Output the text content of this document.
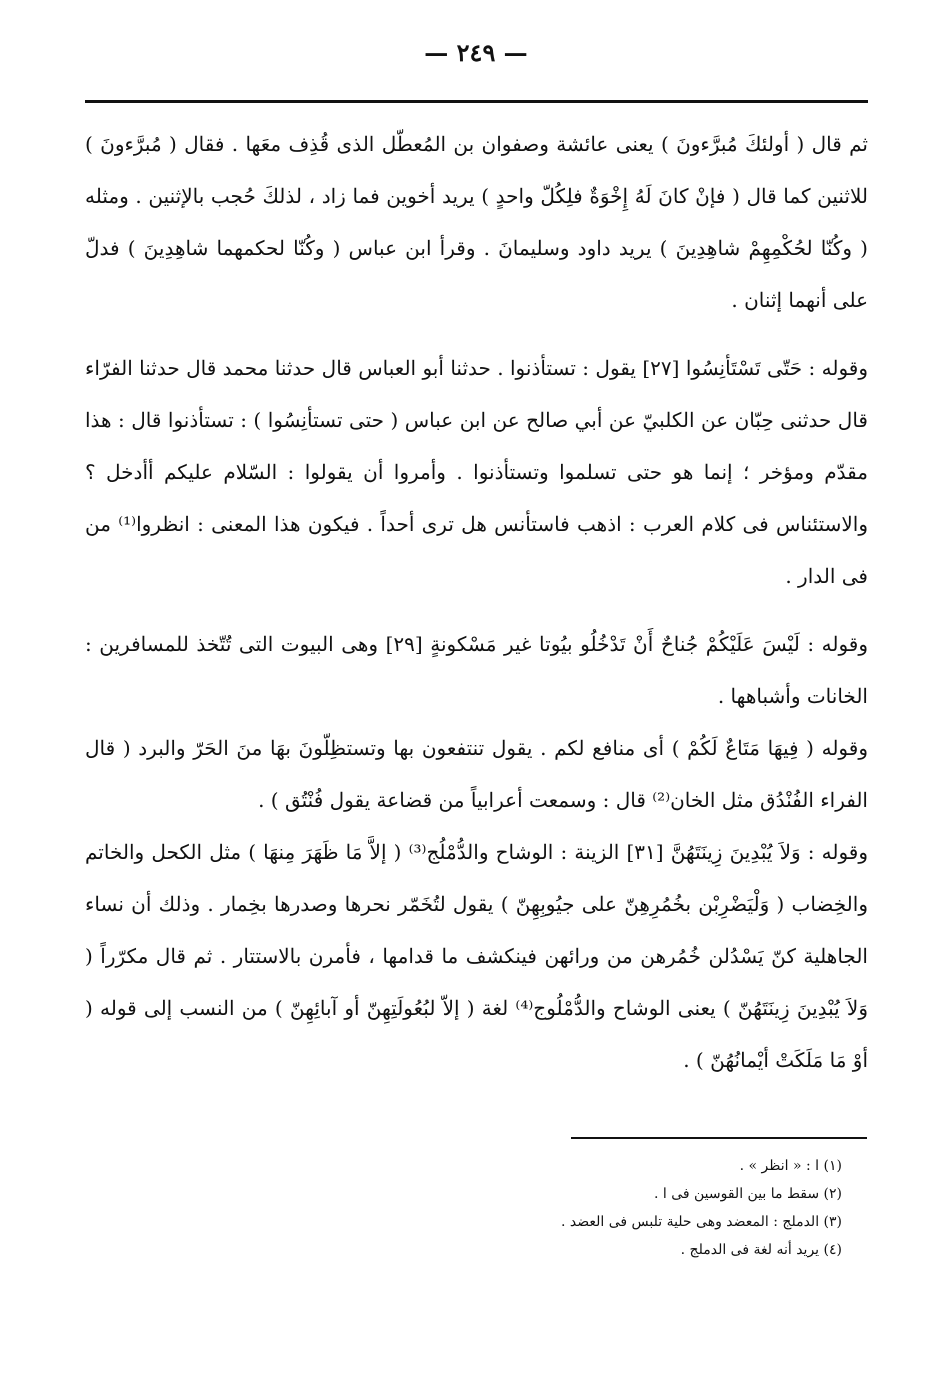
— ٢٤٩ —

ثم قال ( أولئكَ مُبرَّءونَ ) يعنى عائشة وصفوان بن المُعطّل الذى قُذِف معَها . فقال ( مُبرَّءونَ ) للاثنين كما قال ( فإنْ كانَ لَهُ إِخْوَةٌ فلِكُلّ واحدٍ ) يريد أخوين فما زاد ، لذلكَ حُجب بالإثنين . ومثله ( وكُنّا لحُكْمِهِمْ شاهِدِينَ ) يريد داود وسليمانَ . وقرأ ابن عباس ( وكُنّا لحكمهما شاهِدِينَ ) فدلّ على أنهما إثنان .

وقوله : حَتّى تَسْتَأنِسُوا [٢٧] يقول : تستأذنوا . حدثنا أبو العباس قال حدثنا محمد قال حدثنا الفرّاء قال حدثنى حِبّان عن الكلبيّ عن أبي صالح عن ابن عباس ( حتى تستأنِسُوا ) : تستأذنوا قال : هذا مقدّم ومؤخر ؛ إنما هو حتى تسلموا وتستأذنوا . وأمروا أن يقولوا : السّلام عليكم أأدخل ؟ والاستئناس فى كلام العرب : اذهب فاستأنس هل ترى أحداً . فيكون هذا المعنى : انظروا⁽¹⁾ من فى الدار .

وقوله : لَيْسَ عَلَيْكُمْ جُناحٌ أَنْ تَدْخُلُو بيُوتا غير مَسْكونةٍ [٢٩] وهى البيوت التى تُتّخذ للمسافرين : الخانات وأشباهها .

وقوله ( فِيهَا مَتَاعٌ لَكُمْ ) أى منافع لكم . يقول تنتفعون بها وتستظِلّونَ بهَا منَ الحَرّ والبرد ( قال الفراء الفُنْدُق مثل الخان⁽²⁾ قال : وسمعت أعرابياً من قضاعة يقول فُنْتُق ) .

وقوله : وَلاَ يُبْدِينَ زِينَتَهُنَّ [٣١] الزينة : الوشاح والدُّمْلُج⁽³⁾ ( إلاَّ مَا ظَهَرَ مِنهَا ) مثل الكحل والخاتم والخِضاب ( وَلْيَضْرِبْن بخُمُرِهِنّ على جيُوبِهِنّ ) يقول لتُخَمّر نحرها وصدرها بخِمار . وذلك أن نساء الجاهلية كنّ يَسْدُلن خُمُرهن من ورائهن فينكشف ما قدامها ، فأمرن بالاستتار . ثم قال مكرّراً ( وَلاَ يُبْدِينَ زِينَتَهُنّ ) يعنى الوشاح والدُّمْلُوج⁽⁴⁾ لغة ( إلاّ لبُعُولَتِهِنّ أو آبائِهِنّ ) من النسب إلى قوله ( أوْ مَا مَلَكَتْ أيْمانُهُنّ ) .

(١) ا : « انظر » .
(٢) سقط ما بين القوسين فى ا .
(٣) الدملج : المعضد وهى حلية تلبس فى العضد .
(٤) يريد أنه لغة فى الدملج .
